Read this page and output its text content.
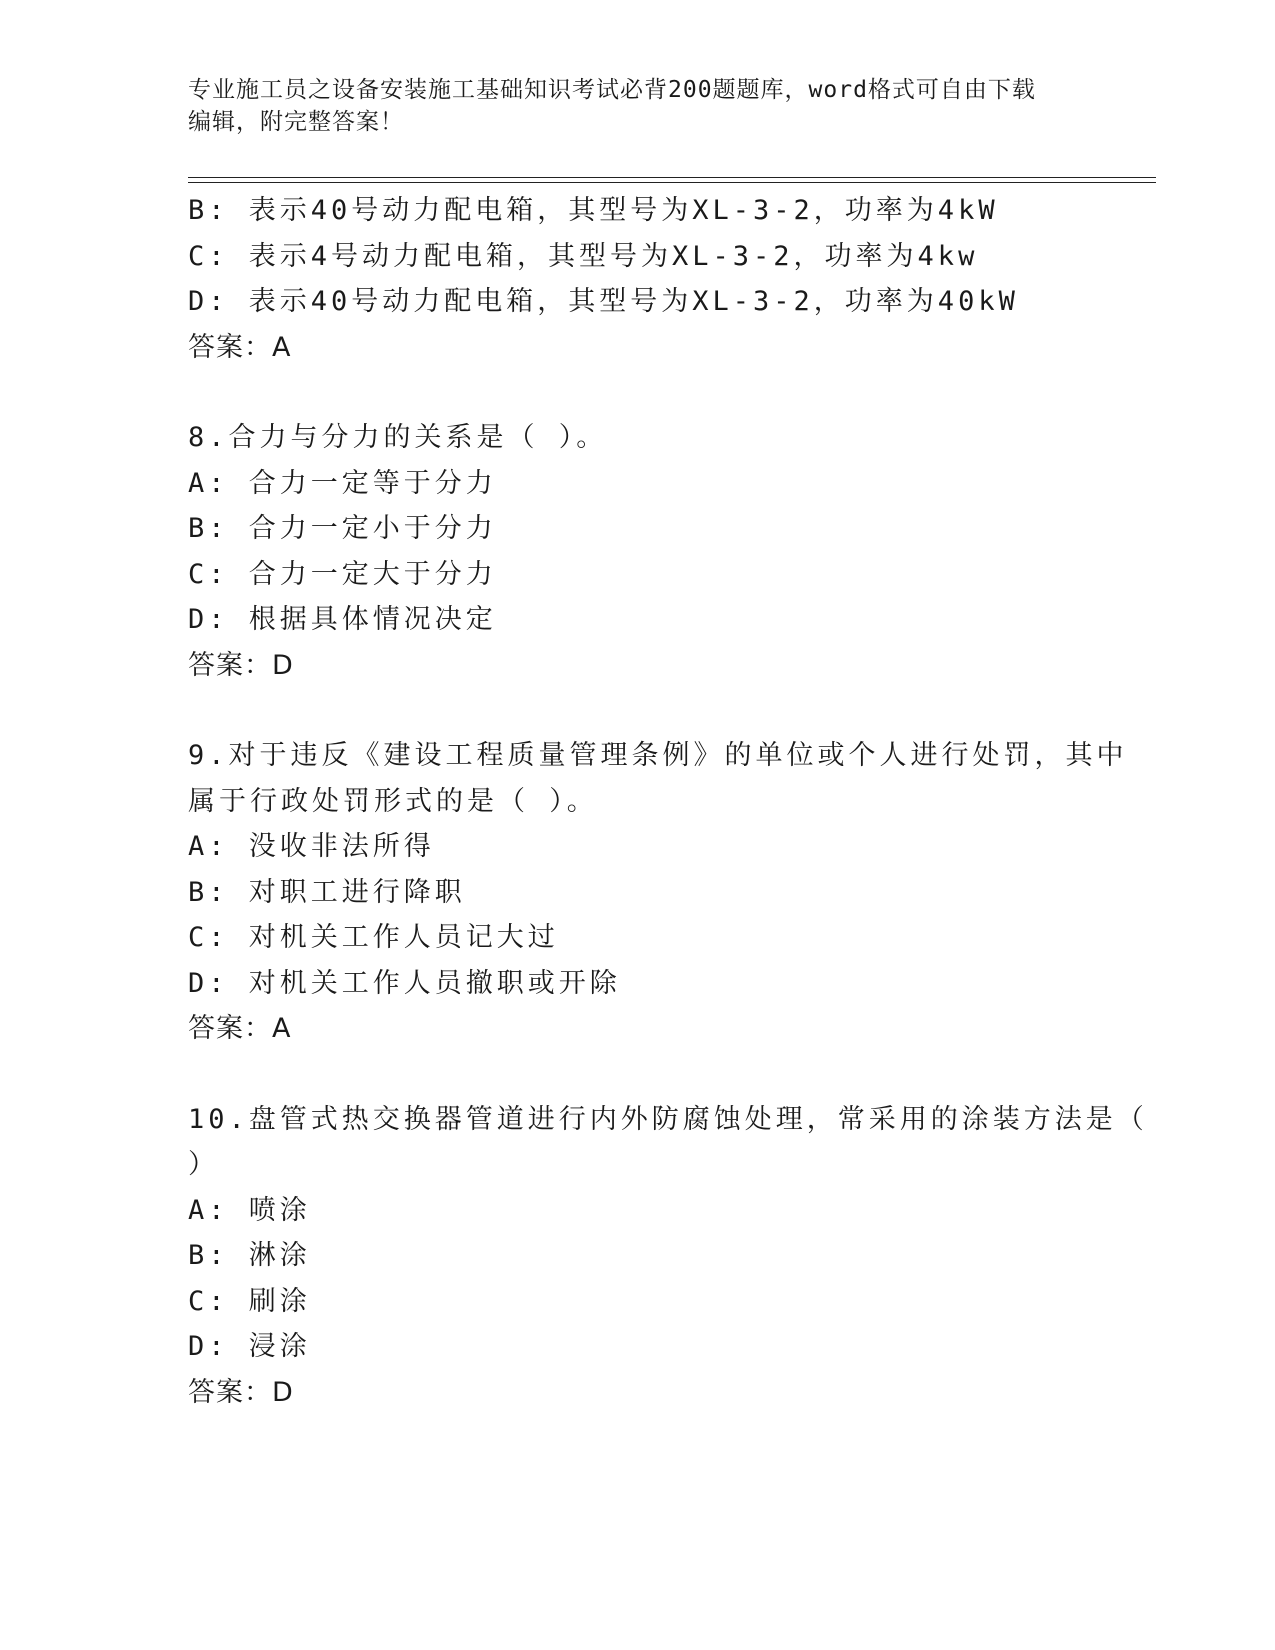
专业施工员之设备安装施工基础知识考试必背200题题库，word格式可自由下载
编辑，附完整答案！
B: 表示40号动力配电箱，其型号为XL-3-2，功率为4kW
C: 表示4号动力配电箱，其型号为XL-3-2，功率为4kw
D: 表示40号动力配电箱，其型号为XL-3-2，功率为40kW
答案：A
8.合力与分力的关系是（ ）。
A: 合力一定等于分力
B: 合力一定小于分力
C: 合力一定大于分力
D: 根据具体情况决定
答案：D
9.对于违反《建设工程质量管理条例》的单位或个人进行处罚，其中
属于行政处罚形式的是（ ）。
A: 没收非法所得
B: 对职工进行降职
C: 对机关工作人员记大过
D: 对机关工作人员撤职或开除
答案：A
10.盘管式热交换器管道进行内外防腐蚀处理，常采用的涂装方法是（
）
A: 喷涂
B: 淋涂
C: 刷涂
D: 浸涂
答案：D
